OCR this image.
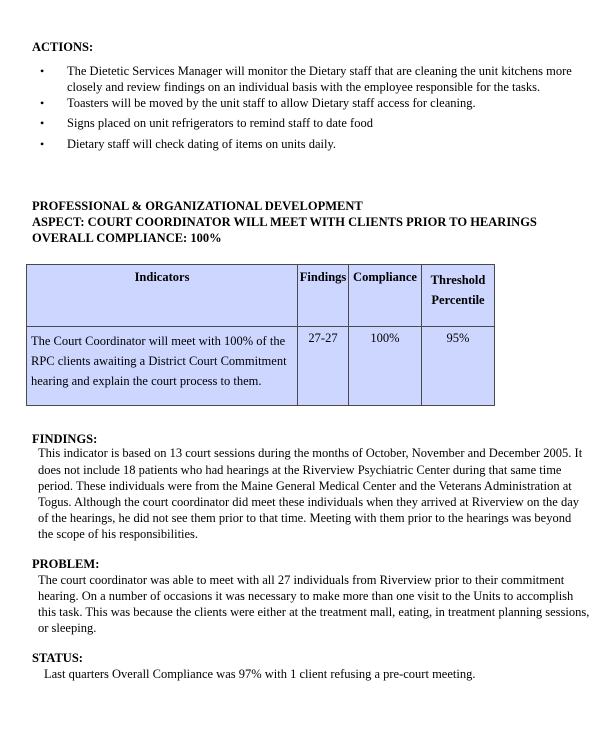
ACTIONS:
• The Dietetic Services Manager will monitor the Dietary staff that are cleaning the unit kitchens more
closely and review findings on an individual basis with the employee responsible for the tasks.
• Toasters will be moved by the unit staff to allow Dietary staff access for cleaning.
• Signs placed on unit refrigerators to remind staff to date food
• Dietary staff will check dating of items on units daily.
PROFESSIONAL & ORGANIZATIONAL DEVELOPMENT
ASPECT: COURT COORDINATOR WILL MEET WITH CLIENTS PRIOR TO HEARINGS
OVERALL COMPLIANCE: 100%
Indicators	Findings	Compliance	Threshold
Percentile

The Court Coordinator will meet with 100% of the
RPC clients awaiting a District Court Commitment
hearing and explain the court process to them.	27-27	100%	95%
FINDINGS:
This indicator is based on 13 court sessions during the months of October, November and December 2005. It
does not include 18 patients who had hearings at the Riverview Psychiatric Center during that same time
period. These individuals were from the Maine General Medical Center and the Veterans Administration at
Togus. Although the court coordinator did meet these individuals when they arrived at Riverview on the day
of the hearings, he did not see them prior to that time. Meeting with them prior to the hearings was beyond
the scope of his responsibilities.
PROBLEM:
The court coordinator was able to meet with all 27 individuals from Riverview prior to their commitment
hearing. On a number of occasions it was necessary to make more than one visit to the Units to accomplish
this task. This was because the clients were either at the treatment mall, eating, in treatment planning sessions,
or sleeping.
STATUS:
Last quarters Overall Compliance was 97% with 1 client refusing a pre-court meeting.
